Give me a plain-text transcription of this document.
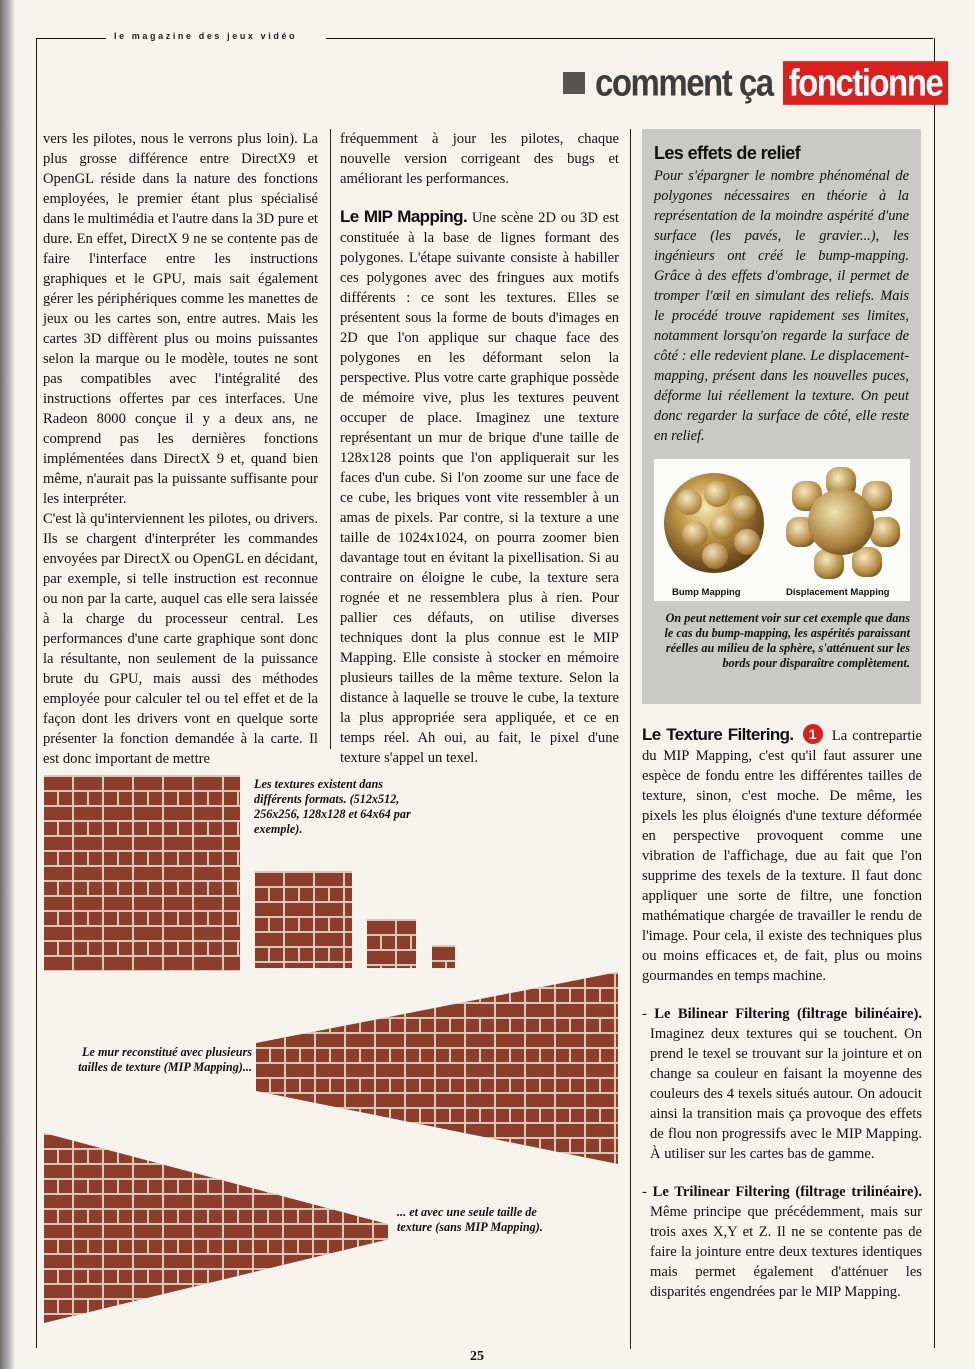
le magazine des jeux vidéo
comment ça fonctionne

vers les pilotes, nous le verrons plus loin). La plus grosse différence entre DirectX9 et OpenGL réside dans la nature des fonctions employées, le premier étant plus spécialisé dans le multimédia et l'autre dans la 3D pure et dure. En effet, DirectX 9 ne se contente pas de faire l'interface entre les instructions graphiques et le GPU, mais sait également gérer les périphériques comme les manettes de jeux ou les cartes son, entre autres. Mais les cartes 3D diffèrent plus ou moins puissantes selon la marque ou le modèle, toutes ne sont pas compatibles avec l'intégralité des instructions offertes par ces interfaces. Une Radeon 8000 conçue il y a deux ans, ne comprend pas les dernières fonctions implémentées dans DirectX 9 et, quand bien même, n'aurait pas la puissante suffisante pour les interpréter.

C'est là qu'interviennent les pilotes, ou drivers. Ils se chargent d'interpréter les commandes envoyées par DirectX ou OpenGL en décidant, par exemple, si telle instruction est reconnue ou non par la carte, auquel cas elle sera laissée à la charge du processeur central. Les performances d'une carte graphique sont donc la résultante, non seulement de la puissance brute du GPU, mais aussi des méthodes employée pour calculer tel ou tel effet et de la façon dont les drivers vont en quelque sorte présenter la fonction demandée à la carte. Il est donc important de mettre

fréquemment à jour les pilotes, chaque nouvelle version corrigeant des bugs et améliorant les performances.

Le MIP Mapping. Une scène 2D ou 3D est constituée à la base de lignes formant des polygones. L'étape suivante consiste à habiller ces polygones avec des fringues aux motifs différents : ce sont les textures. Elles se présentent sous la forme de bouts d'images en 2D que l'on applique sur chaque face des polygones en les déformant selon la perspective. Plus votre carte graphique possède de mémoire vive, plus les textures peuvent occuper de place. Imaginez une texture représentant un mur de brique d'une taille de 128x128 points que l'on appliquerait sur les faces d'un cube. Si l'on zoome sur une face de ce cube, les briques vont vite ressembler à un amas de pixels. Par contre, si la texture a une taille de 1024x1024, on pourra zoomer bien davantage tout en évitant la pixellisation. Si au contraire on éloigne le cube, la texture sera rognée et ne ressemblera plus à rien. Pour pallier ces défauts, on utilise diverses techniques dont la plus connue est le MIP Mapping. Elle consiste à stocker en mémoire plusieurs tailles de la même texture. Selon la distance à laquelle se trouve le cube, la texture la plus appropriée sera appliquée, et ce en temps réel. Ah oui, au fait, le pixel d'une texture s'appel un texel.

Les effets de relief
Pour s'épargner le nombre phénoménal de polygones nécessaires en théorie à la représentation de la moindre aspérité d'une surface (les pavés, le gravier...), les ingénieurs ont créé le bump-mapping. Grâce à des effets d'ombrage, il permet de tromper l'œil en simulant des reliefs. Mais le procédé trouve rapidement ses limites, notamment lorsqu'on regarde la surface de côté : elle redevient plane. Le displacement-mapping, présent dans les nouvelles puces, déforme lui réellement la texture. On peut donc regarder la surface de côté, elle reste en relief.
Bump Mapping	Displacement Mapping
On peut nettement voir sur cet exemple que dans le cas du bump-mapping, les aspérités paraissant réelles au milieu de la sphère, s'atténuent sur les bords pour disparaître complètement.

Le Texture Filtering. 1 La contrepartie du MIP Mapping, c'est qu'il faut assurer une espèce de fondu entre les différentes tailles de texture, sinon, c'est moche. De même, les pixels les plus éloignés d'une texture déformée en perspective provoquent comme une vibration de l'affichage, due au fait que l'on supprime des texels de la texture. Il faut donc appliquer une sorte de filtre, une fonction mathématique chargée de travailler le rendu de l'image. Pour cela, il existe des techniques plus ou moins efficaces et, de fait, plus ou moins gourmandes en temps machine.

- Le Bilinear Filtering (filtrage bilinéaire). Imaginez deux textures qui se touchent. On prend le texel se trouvant sur la jointure et on change sa couleur en faisant la moyenne des couleurs des 4 texels situés autour. On adoucit ainsi la transition mais ça provoque des effets de flou non progressifs avec le MIP Mapping. À utiliser sur les cartes bas de gamme.

- Le Trilinear Filtering (filtrage trilinéaire). Même principe que précédemment, mais sur trois axes X,Y et Z. Il ne se contente pas de faire la jointure entre deux textures identiques mais permet également d'atténuer les disparités engendrées par le MIP Mapping.

Les textures existent dans différents formats. (512x512, 256x256, 128x128 et 64x64 par exemple).
Le mur reconstitué avec plusieurs tailles de texture (MIP Mapping)...
... et avec une seule taille de texture (sans MIP Mapping).
25
